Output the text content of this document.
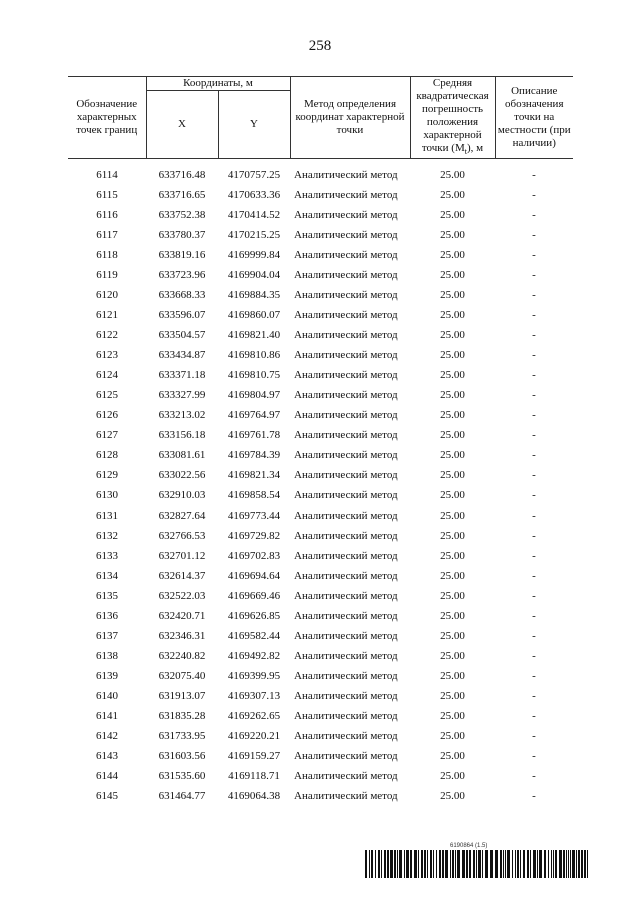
258
Обозначение характерных точек границ	Координаты, м		Метод определения координат характерной точки	Средняя квадратическая погрешность положения характерной точки $(M_t)$, м	Описание обозначения точки на местности (при наличии)
	X	Y			

6114	633716.48	4170757.25	Аналитический метод	25.00	-
6115	633716.65	4170633.36	Аналитический метод	25.00	-
6116	633752.38	4170414.52	Аналитический метод	25.00	-
6117	633780.37	4170215.25	Аналитический метод	25.00	-
6118	633819.16	4169999.84	Аналитический метод	25.00	-
6119	633723.96	4169904.04	Аналитический метод	25.00	-
6120	633668.33	4169884.35	Аналитический метод	25.00	-
6121	633596.07	4169860.07	Аналитический метод	25.00	-
6122	633504.57	4169821.40	Аналитический метод	25.00	-
6123	633434.87	4169810.86	Аналитический метод	25.00	-
6124	633371.18	4169810.75	Аналитический метод	25.00	-
6125	633327.99	4169804.97	Аналитический метод	25.00	-
6126	633213.02	4169764.97	Аналитический метод	25.00	-
6127	633156.18	4169761.78	Аналитический метод	25.00	-
6128	633081.61	4169784.39	Аналитический метод	25.00	-
6129	633022.56	4169821.34	Аналитический метод	25.00	-
6130	632910.03	4169858.54	Аналитический метод	25.00	-
6131	632827.64	4169773.44	Аналитический метод	25.00	-
6132	632766.53	4169729.82	Аналитический метод	25.00	-
6133	632701.12	4169702.83	Аналитический метод	25.00	-
6134	632614.37	4169694.64	Аналитический метод	25.00	-
6135	632522.03	4169669.46	Аналитический метод	25.00	-
6136	632420.71	4169626.85	Аналитический метод	25.00	-
6137	632346.31	4169582.44	Аналитический метод	25.00	-
6138	632240.82	4169492.82	Аналитический метод	25.00	-
6139	632075.40	4169399.95	Аналитический метод	25.00	-
6140	631913.07	4169307.13	Аналитический метод	25.00	-
6141	631835.28	4169262.65	Аналитический метод	25.00	-
6142	631733.95	4169220.21	Аналитический метод	25.00	-
6143	631603.56	4169159.27	Аналитический метод	25.00	-
6144	631535.60	4169118.71	Аналитический метод	25.00	-
6145	631464.77	4169064.38	Аналитический метод	25.00	-
6190864 (1.5)
